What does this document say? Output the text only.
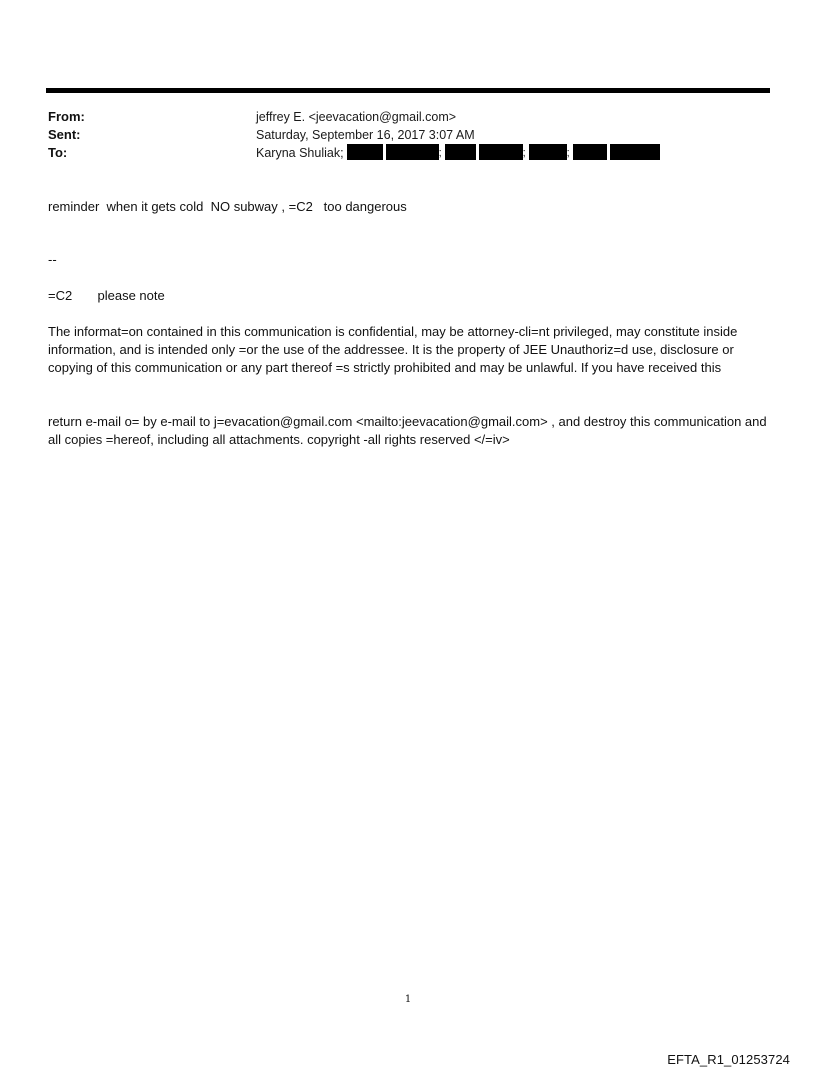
From:	jeffrey E. <jeevacation@gmail.com>
Sent:	Saturday, September 16, 2017 3:07 AM
To:	Karyna Shuliak;	;	;	;
reminder  when it gets cold  NO subway , =C2   too dangerous
--
=C2       please note
The informat=on contained in this communication is confidential, may be attorney-cli=nt privileged, may constitute inside information, and is intended only =or the use of the addressee. It is the property of JEE Unauthoriz=d use, disclosure or copying of this communication or any part thereof =s strictly prohibited and may be unlawful. If you have received this
return e-mail o= by e-mail to j=evacation@gmail.com <mailto:jeevacation@gmail.com> , and destroy this communication and all copies =hereof, including all attachments. copyright -all rights reserved </=iv>
1
EFTA_R1_01253724
